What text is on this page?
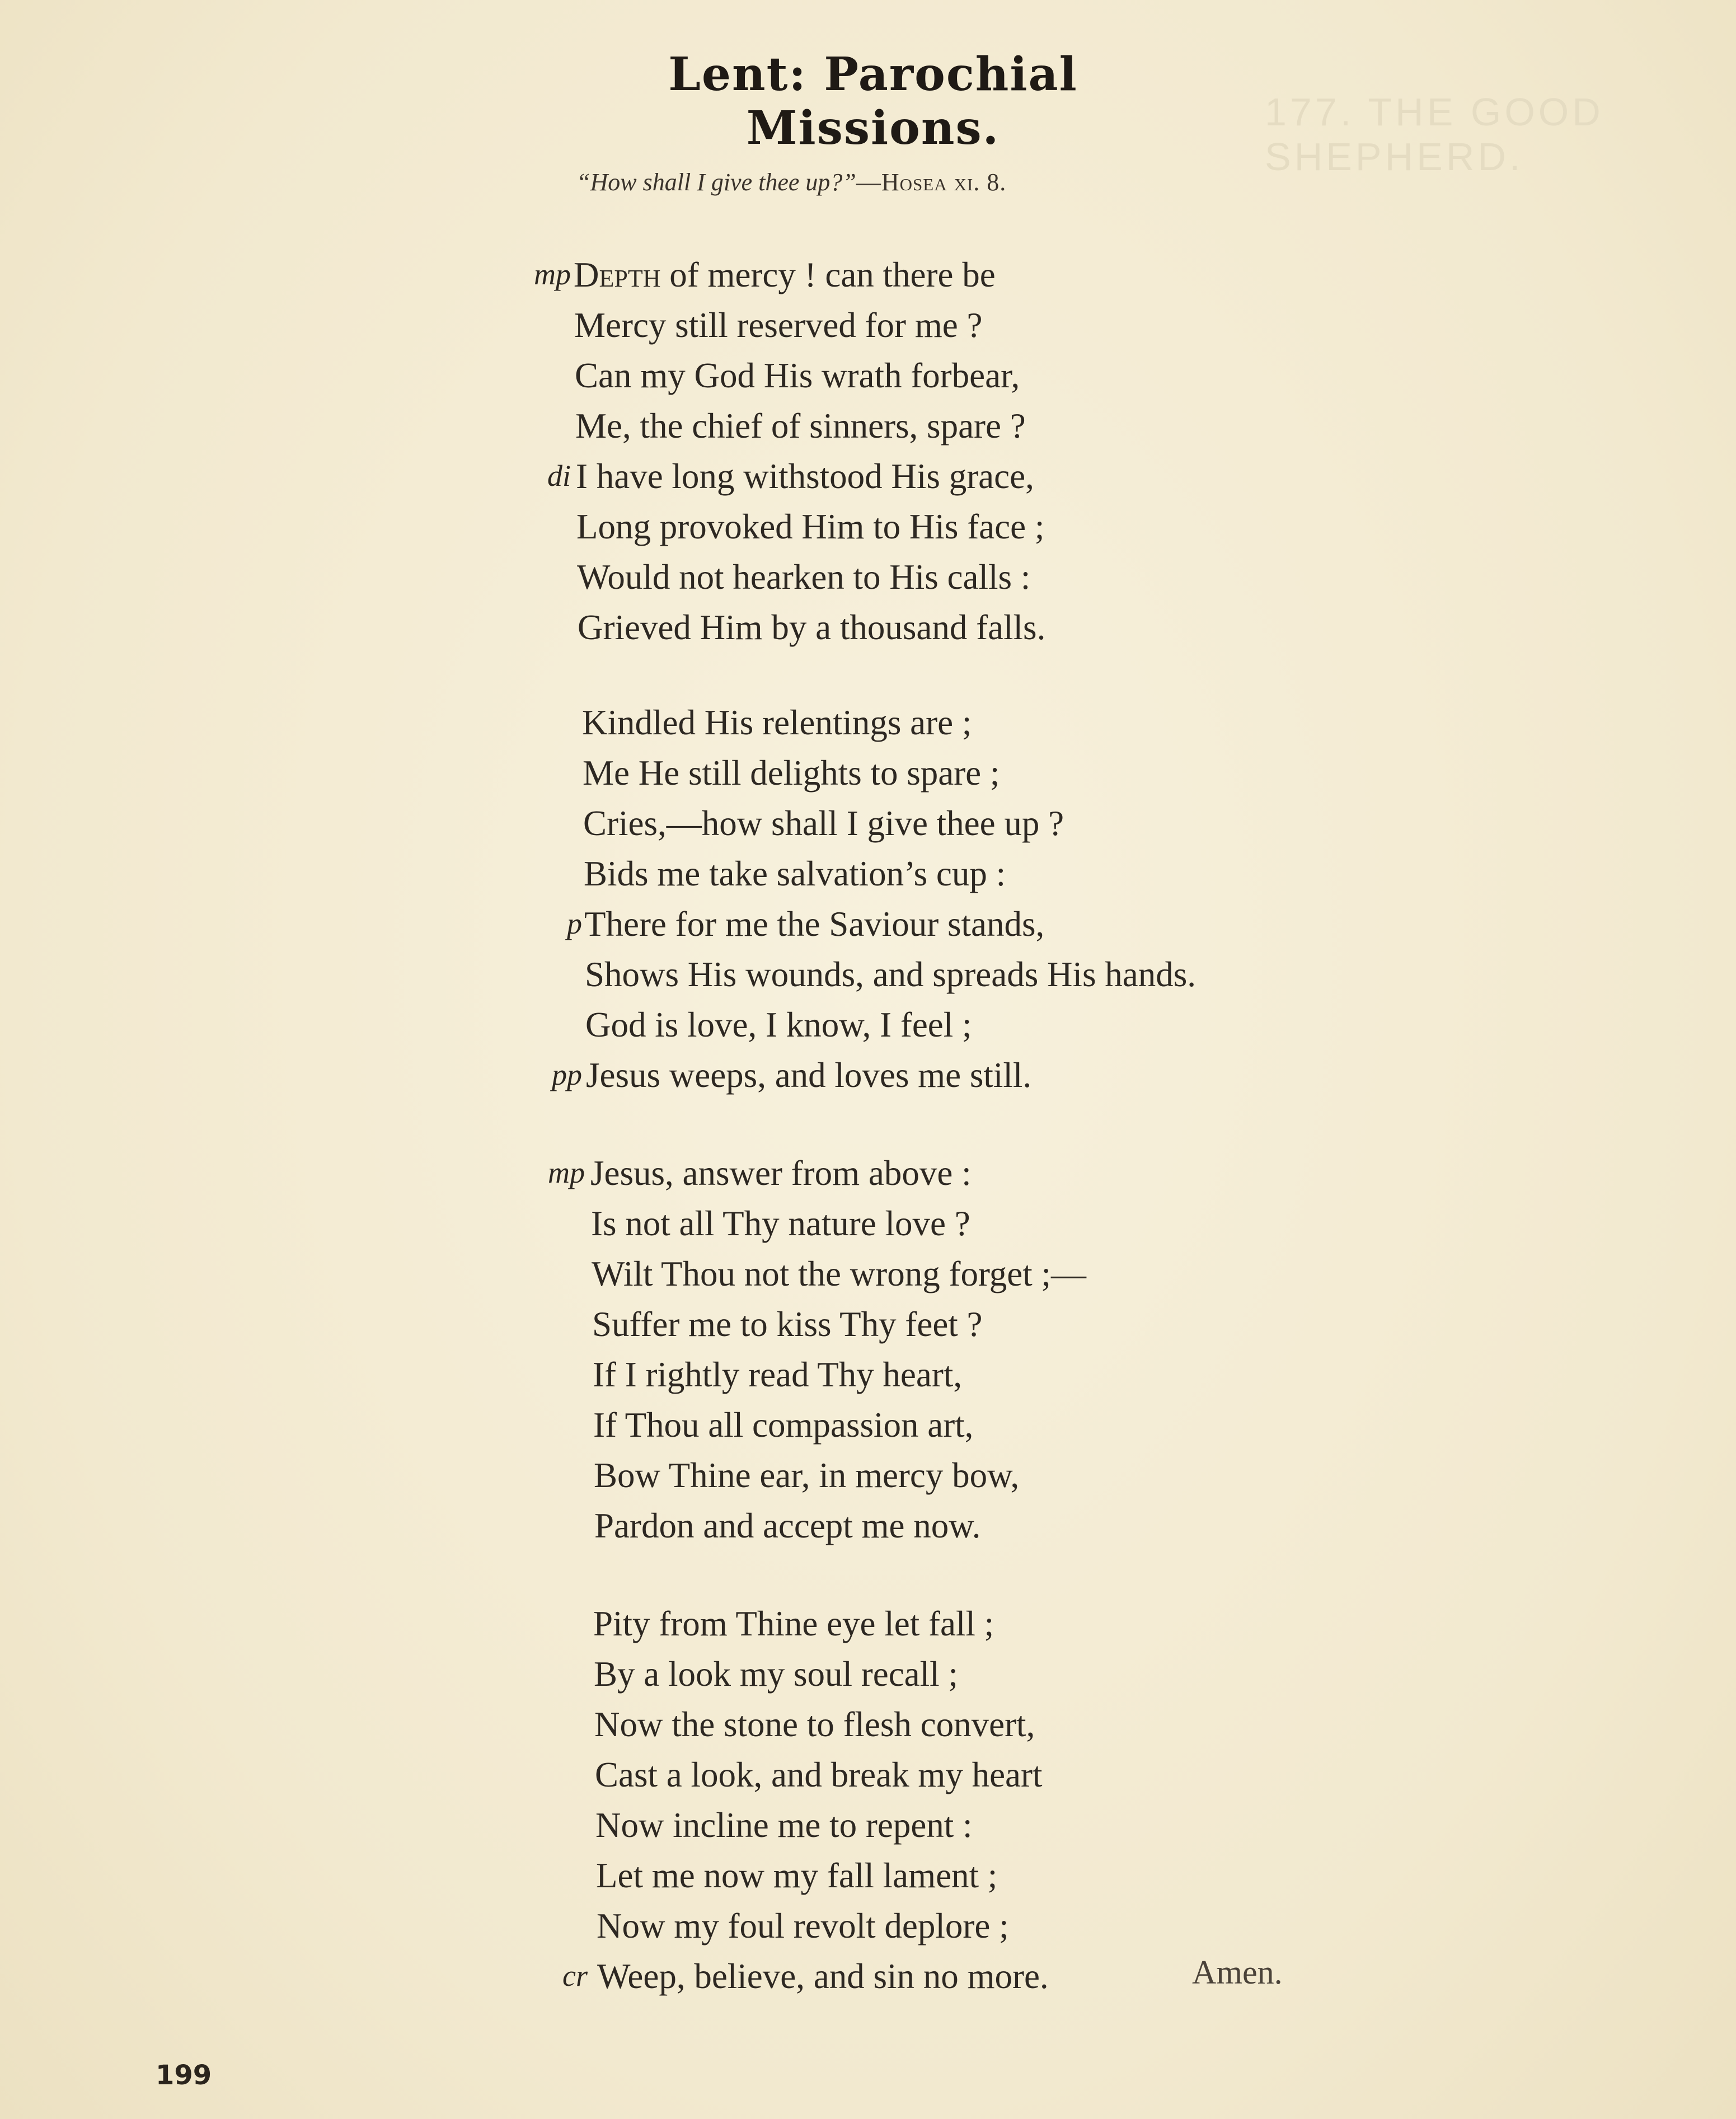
177. THE GOOD SHEPHERD.
Lent: Parochial Missions.
“How shall I give thee up?”—Hosea xi. 8.
mp Depth of mercy ! can there be
Mercy still reserved for me ?
Can my God His wrath forbear,
Me, the chief of sinners, spare ?
di I have long withstood His grace,
Long provoked Him to His face ;
Would not hearken to His calls :
Grieved Him by a thousand falls.
Kindled His relentings are ;
Me He still delights to spare ;
Cries,—how shall I give thee up ?
Bids me take salvation’s cup :
p There for me the Saviour stands,
Shows His wounds, and spreads His hands.
God is love, I know, I feel ;
pp Jesus weeps, and loves me still.
mp Jesus, answer from above :
Is not all Thy nature love ?
Wilt Thou not the wrong forget ;—
Suffer me to kiss Thy feet ?
If I rightly read Thy heart,
If Thou all compassion art,
Bow Thine ear, in mercy bow,
Pardon and accept me now.
Pity from Thine eye let fall ;
By a look my soul recall ;
Now the stone to flesh convert,
Cast a look, and break my heart
Now incline me to repent :
Let me now my fall lament ;
Now my foul revolt deplore ;
cr Weep, believe, and sin no more.	Amen.
199
